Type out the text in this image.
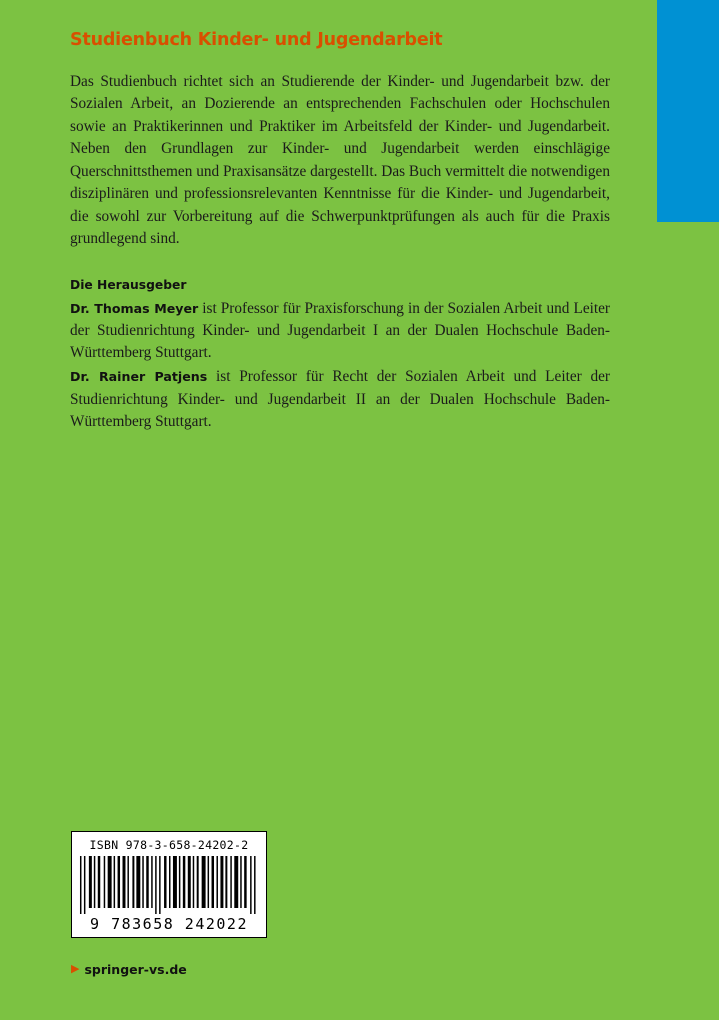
Studienbuch Kinder- und Jugendarbeit

Das Studienbuch richtet sich an Studierende der Kinder- und Jugendarbeit bzw. der Sozialen Arbeit, an Dozierende an entsprechenden Fachschulen oder Hochschulen sowie an Praktikerinnen und Praktiker im Arbeitsfeld der Kinder- und Jugendarbeit. Neben den Grundlagen zur Kinder- und Jugendarbeit werden einschlägige Querschnittsthemen und Praxisansätze dargestellt. Das Buch vermittelt die notwendigen disziplinären und professionsrelevanten Kenntnisse für die Kinder- und Jugendarbeit, die sowohl zur Vorbereitung auf die Schwerpunktprüfungen als auch für die Praxis grundlegend sind.

Die Herausgeber

Dr. Thomas Meyer ist Professor für Praxisforschung in der Sozialen Arbeit und Leiter der Studienrichtung Kinder- und Jugendarbeit I an der Dualen Hochschule Baden-Württemberg Stuttgart.

Dr. Rainer Patjens ist Professor für Recht der Sozialen Arbeit und Leiter der Studienrichtung Kinder- und Jugendarbeit II an der Dualen Hochschule Baden-Württemberg Stuttgart.

ISBN 978-3-658-24202-2
9 783658 242022
▶ springer-vs.de
